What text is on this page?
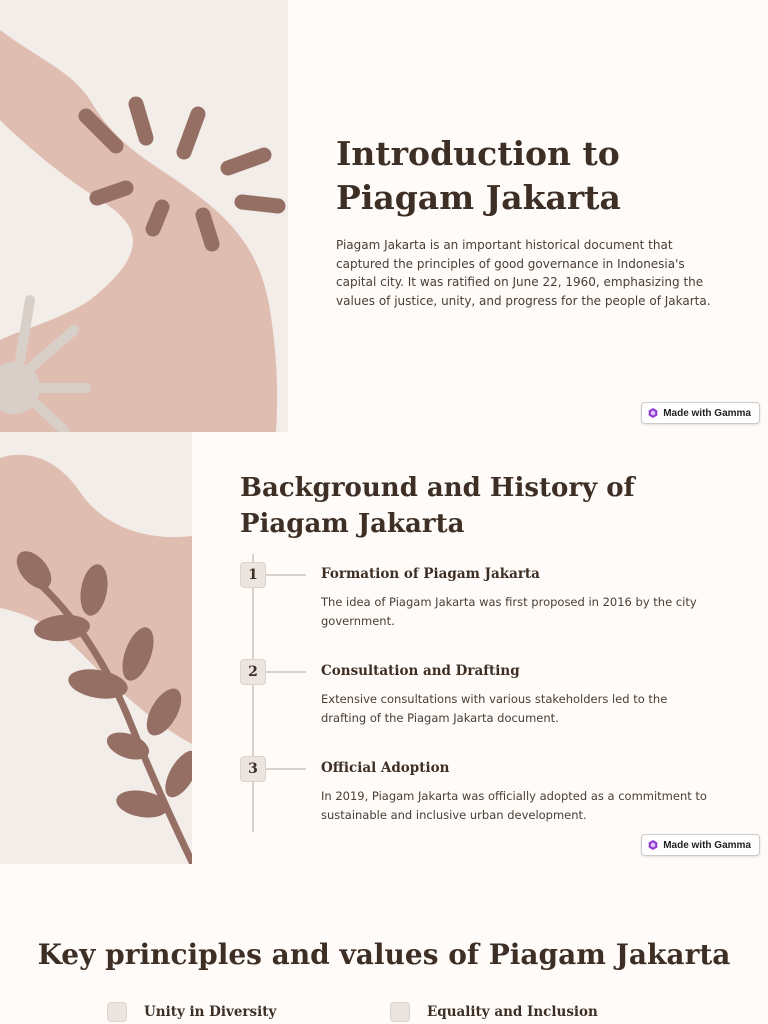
Introduction to Piagam Jakarta

Piagam Jakarta is an important historical document that captured the principles of good governance in Indonesia's capital city. It was ratified on June 22, 1960, emphasizing the values of justice, unity, and progress for the people of Jakarta.

Made with Gamma
Background and History of Piagam Jakarta
1	Formation of Piagam Jakarta
The idea of Piagam Jakarta was first proposed in 2016 by the city government.
2	Consultation and Drafting
Extensive consultations with various stakeholders led to the drafting of the Piagam Jakarta document.
3	Official Adoption
In 2019, Piagam Jakarta was officially adopted as a commitment to sustainable and inclusive urban development.
Made with Gamma
Key principles and values of Piagam Jakarta
Unity in Diversity	Equality and Inclusion
